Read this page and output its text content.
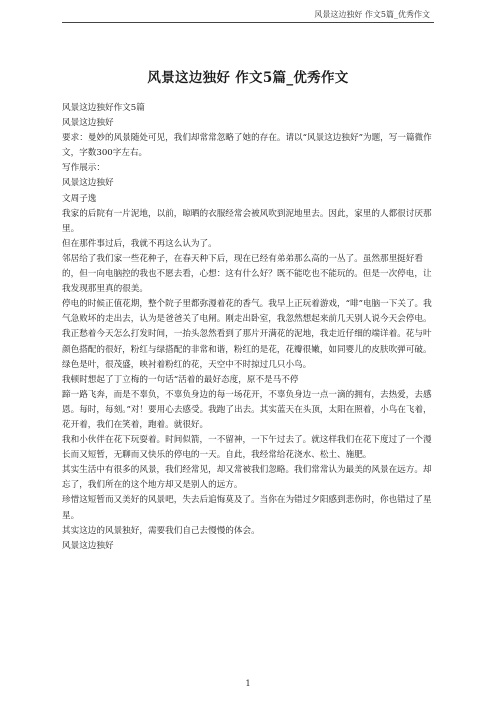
风景这边独好 作文5篇_优秀作文
风景这边独好 作文5篇_优秀作文

风景这边独好作文5篇

风景这边独好

要求：曼妙的风景随处可见，我们却常常忽略了她的存在。请以“风景这边独好”为题，写一篇微作文，字数300字左右。

写作展示：

风景这边独好

文周子逸

我家的后院有一片泥地，以前，晾晒的衣服经常会被风吹到泥地里去。因此，家里的人都很讨厌那里。

但在那件事过后，我就不再这么认为了。

邻居给了我们家一些花种子，在春天种下后，现在已经有弟弟那么高的一丛了。虽然那里挺好看的，但一向电脑控的我也不愿去看，心想：这有什么好？既不能吃也不能玩的。但是一次停电，让我发现那里真的很美。

停电的时候正值花期，整个院子里都弥漫着花的香气。我早上正玩着游戏，“啡”电脑一下关了。我气急败坏的走出去，认为是爸爸关了电闸。刚走出卧室，我忽然想起来前几天别人说今天会停电。我正愁着今天怎么打发时间，一抬头忽然看到了那片开满花的泥地，我走近仔细的端详着。花与叶颜色搭配的很好，粉红与绿搭配的非常和谐，粉红的是花，花瓣很嫩，如同婴儿的皮肤吹弹可破。绿色是叶，很茂盛，映衬着粉红的花，天空中不时掠过几只小鸟。

我顿时想起了丁立梅的一句话“活着的最好态度，原不是马不停

蹄一路飞奔，而是不辜负，不辜负身边的每一场花开，不辜负身边一点一滴的拥有，去热爱，去感恩。每时，每刻。”对！要用心去感受。我跑了出去。其实蓝天在头顶，太阳在照着，小鸟在飞着，花开着，我们在笑着，跑着。就很好。

我和小伙伴在花下玩耍着。时间似箭，一不留神，一下午过去了。就这样我们在花下度过了一个漫长而又短暂，无聊而又快乐的停电的一天。自此，我经常给花浇水、松土、施肥。

其实生活中有很多的风景，我们经常见，却又常被我们忽略。我们常常认为最美的风景在远方。却忘了，我们所在的这个地方却又是别人的远方。

珍惜这短暂而又美好的风景吧，失去后追悔莫及了。当你在为错过夕阳感到悲伤时，你也错过了星星。

其实这边的风景独好，需要我们自己去慢慢的体会。

风景这边独好

1
